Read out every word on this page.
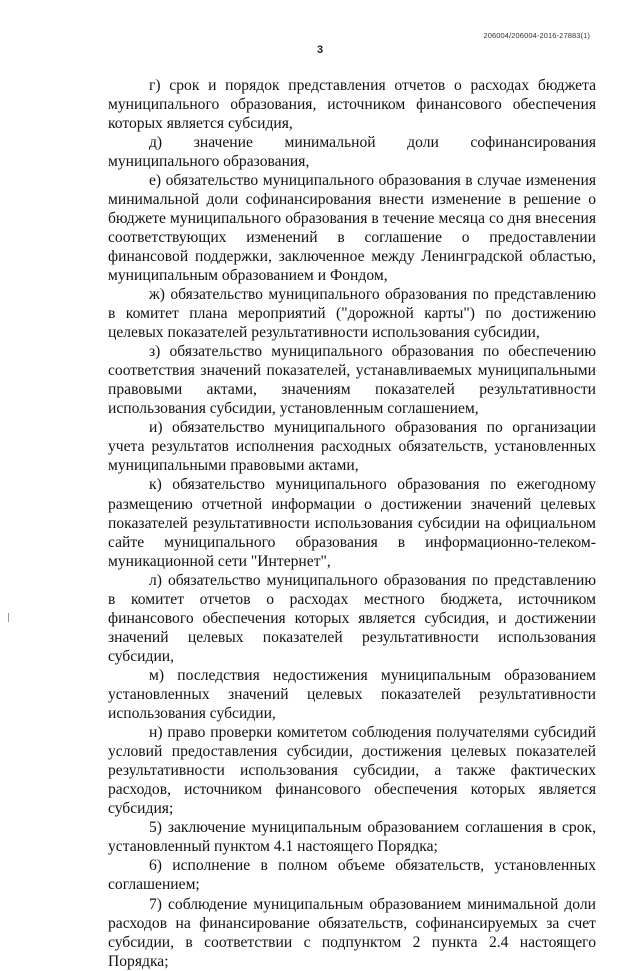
206004/206004-2016-27883(1)
3

г) срок и порядок представления отчетов о расходах бюджета муниципального образования, источником финансового обеспечения которых является субсидия,

д) значение минимальной доли софинансирования муниципального образования,

е) обязательство муниципального образования в случае изменения минимальной доли софинансирования внести изменение в решение о бюджете муниципального образования в течение месяца со дня внесения соответствующих изменений в соглашение о предоставлении финансовой поддержки, заключенное между Ленинградской областью, муниципальным образованием и Фондом,

ж) обязательство муниципального образования по представлению в комитет плана мероприятий ("дорожной карты") по достижению целевых показателей результативности использования субсидии,

з) обязательство муниципального образования по обеспечению соответствия значений показателей, устанавливаемых муниципальными правовыми актами, значениям показателей результативности использования субсидии, установленным соглашением,

и) обязательство муниципального образования по организации учета результатов исполнения расходных обязательств, установленных муниципальными правовыми актами,

к) обязательство муниципального образования по ежегодному размещению отчетной информации о достижении значений целевых показателей результативности использования субсидии на официальном сайте муниципального образования в информационно-телеком-муникационной сети "Интернет",

л) обязательство муниципального образования по представлению в комитет отчетов о расходах местного бюджета, источником финансового обеспечения которых является субсидия, и достижении значений целевых показателей результативности использования субсидии,

м) последствия недостижения муниципальным образованием установленных значений целевых показателей результативности использования субсидии,

н) право проверки комитетом соблюдения получателями субсидий условий предоставления субсидии, достижения целевых показателей результативности использования субсидии, а также фактических расходов, источником финансового обеспечения которых является субсидия;

5) заключение муниципальным образованием соглашения в срок, установленный пунктом 4.1 настоящего Порядка;

6) исполнение в полном объеме обязательств, установленных соглашением;

7) соблюдение муниципальным образованием минимальной доли расходов на финансирование обязательств, софинансируемых за счет субсидии, в соответствии с подпунктом 2 пункта 2.4 настоящего Порядка;
